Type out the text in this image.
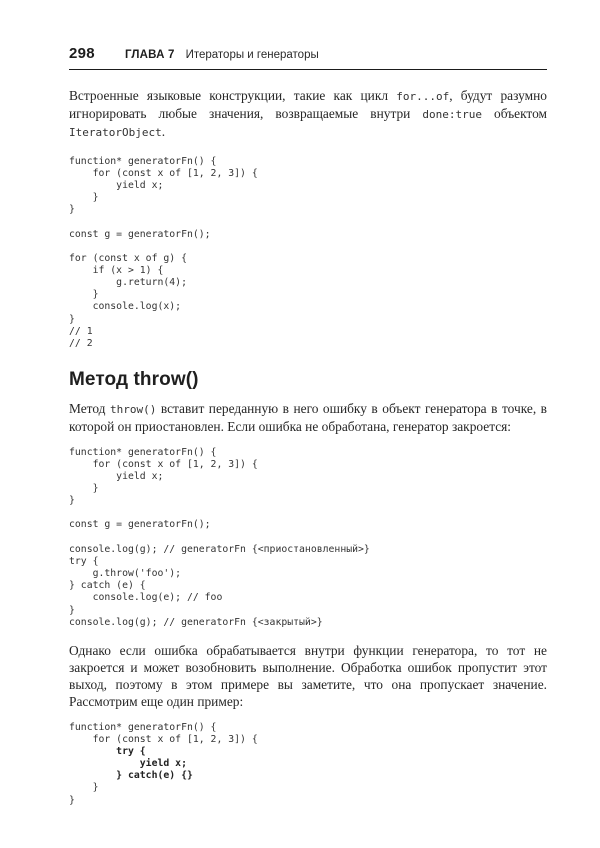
298	ГЛАВА 7 Итераторы и генераторы

Встроенные языковые конструкции, такие как цикл for...of, будут разумно игнорировать любые значения, возвращаемые внутри done:true объектом IteratorObject.

function* generatorFn() {
for (const x of [1, 2, 3]) {
yield x;
}
}

const g = generatorFn();

for (const x of g) {
if (x > 1) {
g.return(4);
}
console.log(x);
}
// 1
// 2
Метод throw()

Метод throw() вставит переданную в него ошибку в объект генератора в точке, в которой он приостановлен. Если ошибка не обработана, генератор закроется:

function* generatorFn() {
for (const x of [1, 2, 3]) {
yield x;
}
}

const g = generatorFn();

console.log(g); // generatorFn {<приостановленный>}
try {
g.throw('foo');
} catch (e) {
console.log(e); // foo
}
console.log(g); // generatorFn {<закрытый>}

Однако если ошибка обрабатывается внутри функции генератора, то тот не закроется и может возобновить выполнение. Обработка ошибок пропустит этот выход, поэтому в этом примере вы заметите, что она пропускает значение. Рассмотрим еще один пример:

function* generatorFn() {
for (const x of [1, 2, 3]) {
try {
yield x;
} catch(e) {}
}
}
